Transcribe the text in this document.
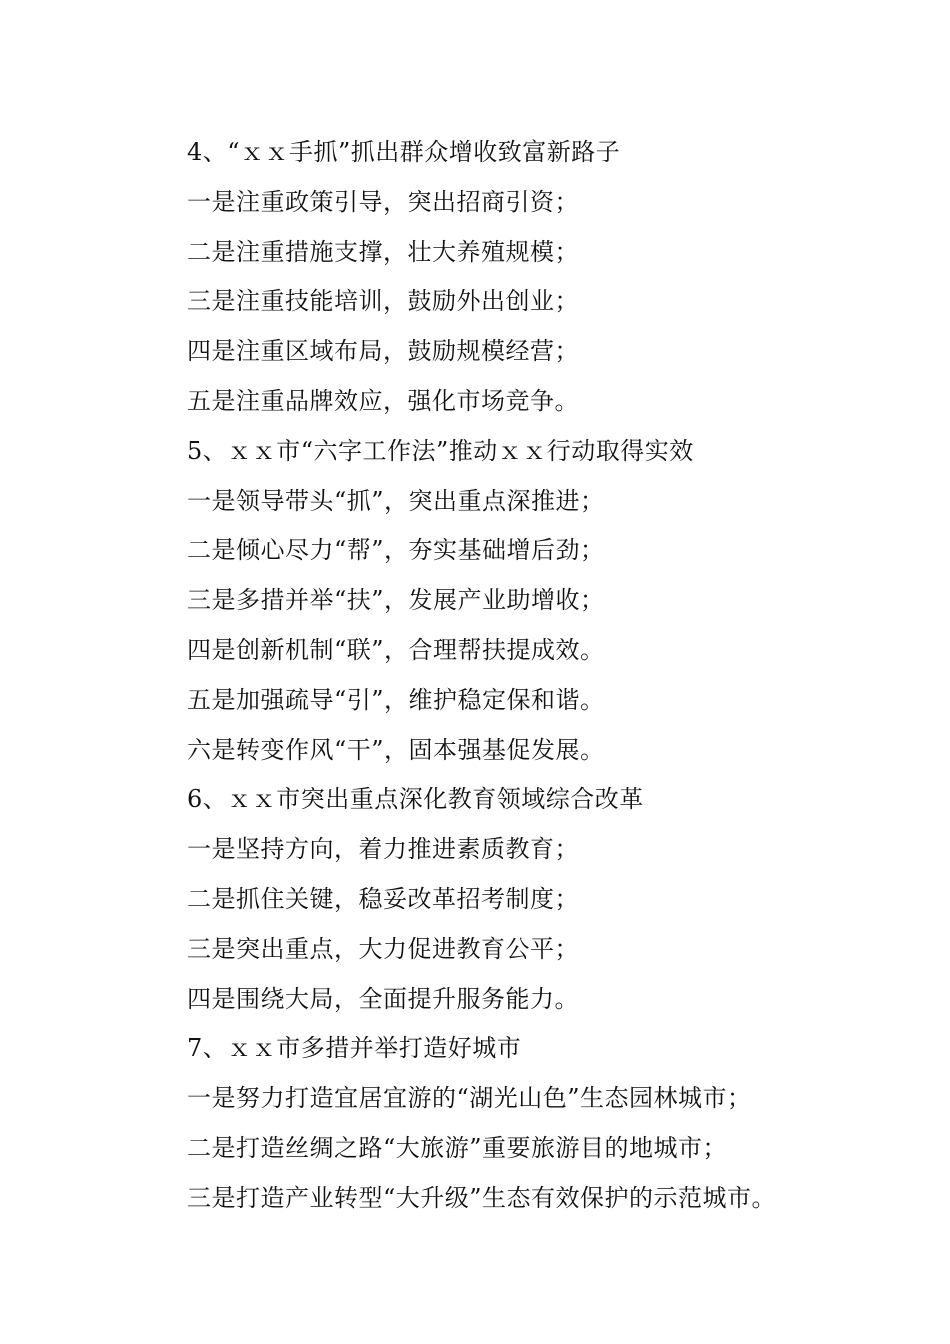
4、“ｘｘ手抓”抓出群众增收致富新路子
一是注重政策引导，突出招商引资；
二是注重措施支撑，壮大养殖规模；
三是注重技能培训，鼓励外出创业；
四是注重区域布局，鼓励规模经营；
五是注重品牌效应，强化市场竞争。
5、ｘｘ市“六字工作法”推动ｘｘ行动取得实效
一是领导带头“抓”，突出重点深推进；
二是倾心尽力“帮”，夯实基础增后劲；
三是多措并举“扶”，发展产业助增收；
四是创新机制“联”，合理帮扶提成效。
五是加强疏导“引”，维护稳定保和谐。
六是转变作风“干”，固本强基促发展。
6、ｘｘ市突出重点深化教育领域综合改革
一是坚持方向，着力推进素质教育；
二是抓住关键，稳妥改革招考制度；
三是突出重点，大力促进教育公平；
四是围绕大局，全面提升服务能力。
7、ｘｘ市多措并举打造好城市
一是努力打造宜居宜游的“湖光山色”生态园林城市；
二是打造丝绸之路“大旅游”重要旅游目的地城市；
三是打造产业转型“大升级”生态有效保护的示范城市。
